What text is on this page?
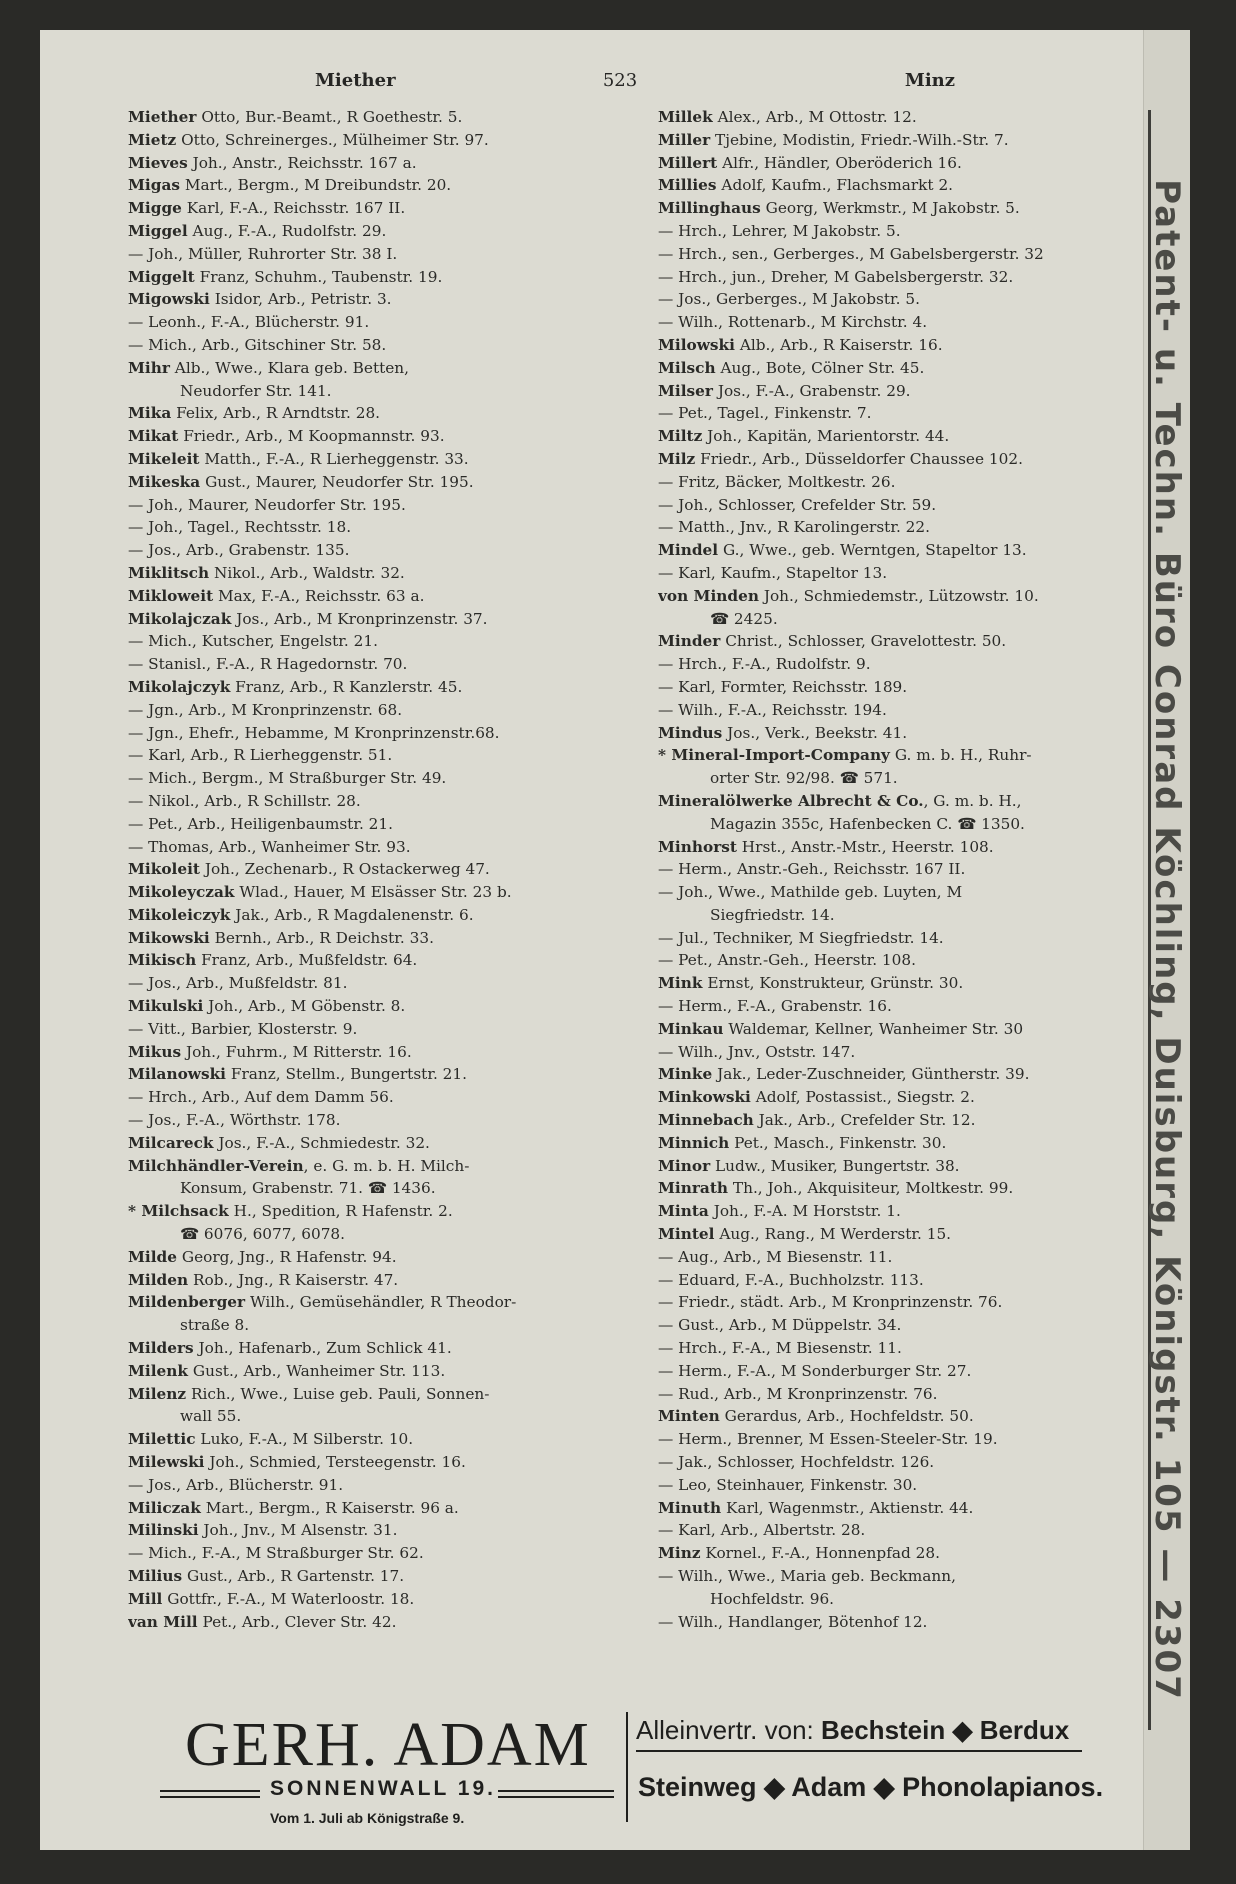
Miether	523	Minz
Miether Otto, Bur.-Beamt., R Goethestr. 5.
Mietz Otto, Schreinerges., Mülheimer Str. 97.
Mieves Joh., Anstr., Reichsstr. 167 a.
Migas Mart., Bergm., M Dreibundstr. 20.
Migge Karl, F.-A., Reichsstr. 167 II.
Miggel Aug., F.-A., Rudolfstr. 29.
— Joh., Müller, Ruhrorter Str. 38 I.
Miggelt Franz, Schuhm., Taubenstr. 19.
Migowski Isidor, Arb., Petristr. 3.
— Leonh., F.-A., Blücherstr. 91.
— Mich., Arb., Gitschiner Str. 58.
Mihr Alb., Wwe., Klara geb. Betten,
Neudorfer Str. 141.
Mika Felix, Arb., R Arndtstr. 28.
Mikat Friedr., Arb., M Koopmannstr. 93.
Mikeleit Matth., F.-A., R Lierheggenstr. 33.
Mikeska Gust., Maurer, Neudorfer Str. 195.
— Joh., Maurer, Neudorfer Str. 195.
— Joh., Tagel., Rechtsstr. 18.
— Jos., Arb., Grabenstr. 135.
Miklitsch Nikol., Arb., Waldstr. 32.
Mikloweit Max, F.-A., Reichsstr. 63 a.
Mikolajczak Jos., Arb., M Kronprinzenstr. 37.
— Mich., Kutscher, Engelstr. 21.
— Stanisl., F.-A., R Hagedornstr. 70.
Mikolajczyk Franz, Arb., R Kanzlerstr. 45.
— Jgn., Arb., M Kronprinzenstr. 68.
— Jgn., Ehefr., Hebamme, M Kronprinzenstr.68.
— Karl, Arb., R Lierheggenstr. 51.
— Mich., Bergm., M Straßburger Str. 49.
— Nikol., Arb., R Schillstr. 28.
— Pet., Arb., Heiligenbaumstr. 21.
— Thomas, Arb., Wanheimer Str. 93.
Mikoleit Joh., Zechenarb., R Ostackerweg 47.
Mikoleyczak Wlad., Hauer, M Elsässer Str. 23 b.
Mikoleiczyk Jak., Arb., R Magdalenenstr. 6.
Mikowski Bernh., Arb., R Deichstr. 33.
Mikisch Franz, Arb., Mußfeldstr. 64.
— Jos., Arb., Mußfeldstr. 81.
Mikulski Joh., Arb., M Göbenstr. 8.
— Vitt., Barbier, Klosterstr. 9.
Mikus Joh., Fuhrm., M Ritterstr. 16.
Milanowski Franz, Stellm., Bungertstr. 21.
— Hrch., Arb., Auf dem Damm 56.
— Jos., F.-A., Wörthstr. 178.
Milcareck Jos., F.-A., Schmiedestr. 32.
Milchhändler-Verein, e. G. m. b. H. Milch-
Konsum, Grabenstr. 71. ☎ 1436.
* Milchsack H., Spedition, R Hafenstr. 2.
☎ 6076, 6077, 6078.
Milde Georg, Jng., R Hafenstr. 94.
Milden Rob., Jng., R Kaiserstr. 47.
Mildenberger Wilh., Gemüsehändler, R Theodor-
straße 8.
Milders Joh., Hafenarb., Zum Schlick 41.
Milenk Gust., Arb., Wanheimer Str. 113.
Milenz Rich., Wwe., Luise geb. Pauli, Sonnen-
wall 55.
Milettic Luko, F.-A., M Silberstr. 10.
Milewski Joh., Schmied, Tersteegenstr. 16.
— Jos., Arb., Blücherstr. 91.
Miliczak Mart., Bergm., R Kaiserstr. 96 a.
Milinski Joh., Jnv., M Alsenstr. 31.
— Mich., F.-A., M Straßburger Str. 62.
Milius Gust., Arb., R Gartenstr. 17.
Mill Gottfr., F.-A., M Waterloostr. 18.
van Mill Pet., Arb., Clever Str. 42.
Millek Alex., Arb., M Ottostr. 12.
Miller Tjebine, Modistin, Friedr.-Wilh.-Str. 7.
Millert Alfr., Händler, Oberöderich 16.
Millies Adolf, Kaufm., Flachsmarkt 2.
Millinghaus Georg, Werkmstr., M Jakobstr. 5.
— Hrch., Lehrer, M Jakobstr. 5.
— Hrch., sen., Gerberges., M Gabelsbergerstr. 32
— Hrch., jun., Dreher, M Gabelsbergerstr. 32.
— Jos., Gerberges., M Jakobstr. 5.
— Wilh., Rottenarb., M Kirchstr. 4.
Milowski Alb., Arb., R Kaiserstr. 16.
Milsch Aug., Bote, Cölner Str. 45.
Milser Jos., F.-A., Grabenstr. 29.
— Pet., Tagel., Finkenstr. 7.
Miltz Joh., Kapitän, Marientorstr. 44.
Milz Friedr., Arb., Düsseldorfer Chaussee 102.
— Fritz, Bäcker, Moltkestr. 26.
— Joh., Schlosser, Crefelder Str. 59.
— Matth., Jnv., R Karolingerstr. 22.
Mindel G., Wwe., geb. Werntgen, Stapeltor 13.
— Karl, Kaufm., Stapeltor 13.
von Minden Joh., Schmiedemstr., Lützowstr. 10.
☎ 2425.
Minder Christ., Schlosser, Gravelottestr. 50.
— Hrch., F.-A., Rudolfstr. 9.
— Karl, Formter, Reichsstr. 189.
— Wilh., F.-A., Reichsstr. 194.
Mindus Jos., Verk., Beekstr. 41.
* Mineral-Import-Company G. m. b. H., Ruhr-
orter Str. 92/98. ☎ 571.
Mineralölwerke Albrecht & Co., G. m. b. H.,
Magazin 355c, Hafenbecken C. ☎ 1350.
Minhorst Hrst., Anstr.-Mstr., Heerstr. 108.
— Herm., Anstr.-Geh., Reichsstr. 167 II.
— Joh., Wwe., Mathilde geb. Luyten, M
Siegfriedstr. 14.
— Jul., Techniker, M Siegfriedstr. 14.
— Pet., Anstr.-Geh., Heerstr. 108.
Mink Ernst, Konstrukteur, Grünstr. 30.
— Herm., F.-A., Grabenstr. 16.
Minkau Waldemar, Kellner, Wanheimer Str. 30
— Wilh., Jnv., Oststr. 147.
Minke Jak., Leder-Zuschneider, Güntherstr. 39.
Minkowski Adolf, Postassist., Siegstr. 2.
Minnebach Jak., Arb., Crefelder Str. 12.
Minnich Pet., Masch., Finkenstr. 30.
Minor Ludw., Musiker, Bungertstr. 38.
Minrath Th., Joh., Akquisiteur, Moltkestr. 99.
Minta Joh., F.-A. M Horststr. 1.
Mintel Aug., Rang., M Werderstr. 15.
— Aug., Arb., M Biesenstr. 11.
— Eduard, F.-A., Buchholzstr. 113.
— Friedr., städt. Arb., M Kronprinzenstr. 76.
— Gust., Arb., M Düppelstr. 34.
— Hrch., F.-A., M Biesenstr. 11.
— Herm., F.-A., M Sonderburger Str. 27.
— Rud., Arb., M Kronprinzenstr. 76.
Minten Gerardus, Arb., Hochfeldstr. 50.
— Herm., Brenner, M Essen-Steeler-Str. 19.
— Jak., Schlosser, Hochfeldstr. 126.
— Leo, Steinhauer, Finkenstr. 30.
Minuth Karl, Wagenmstr., Aktienstr. 44.
— Karl, Arb., Albertstr. 28.
Minz Kornel., F.-A., Honnenpfad 28.
— Wilh., Wwe., Maria geb. Beckmann,
Hochfeldstr. 96.
— Wilh., Handlanger, Bötenhof 12.
GERH. ADAM Alleinvertr. von: Bechstein ◆ Berdux
SONNENWALL 19.	Steinweg ◆ Adam ◆ Phonolapianos.
Vom 1. Juli ab Königstraße 9.
Patent- u. Techn. Büro Conrad Köchling, Duisburg, Königstr. 105 — 2307
